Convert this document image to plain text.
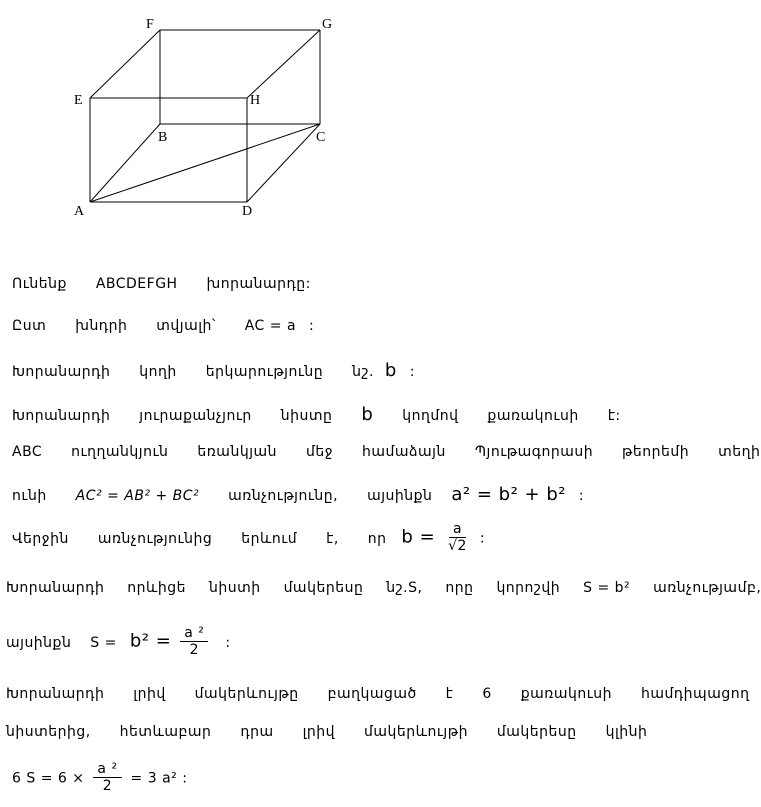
A	D
E	H
B	C
F	G
Ունենք ABCDEFGH խորանարդը:
Ըստ խնդրի տվյալի՝ AC = a :
Խորանարդի կողի երկարությունը նշ. b :
Խորանարդի յուրաքանչյուր նիստը b կողմով քառակուսի է:
ABC ուղղանկյուն եռանկյան մեջ համաձայն Պյութագորասի թեորեմի տեղի
ունի AC² = AB² + BC² առնչությունը, այսինքն a² = b² + b² :
Վերջին առնչությունից երևում է, որ $b = \frac{a}{√2}$ :
Խորանարդի որևիցե նիստի մակերեսը նշ.S, որը կորոշվի S = b² առնչությամբ,
այսինքն $S = b^2 = \frac{\text{a ²}}{2}$ :
Խորանարդի լրիվ մակերևույթը բաղկացած է 6 քառակուսի համդիպացող
նիստերից, հետևաբար դրա լրիվ մակերևույթի մակերեսը կլինի
6 $S = 6 \times \frac{\text{a ²}}{2} = 3$ a² :
